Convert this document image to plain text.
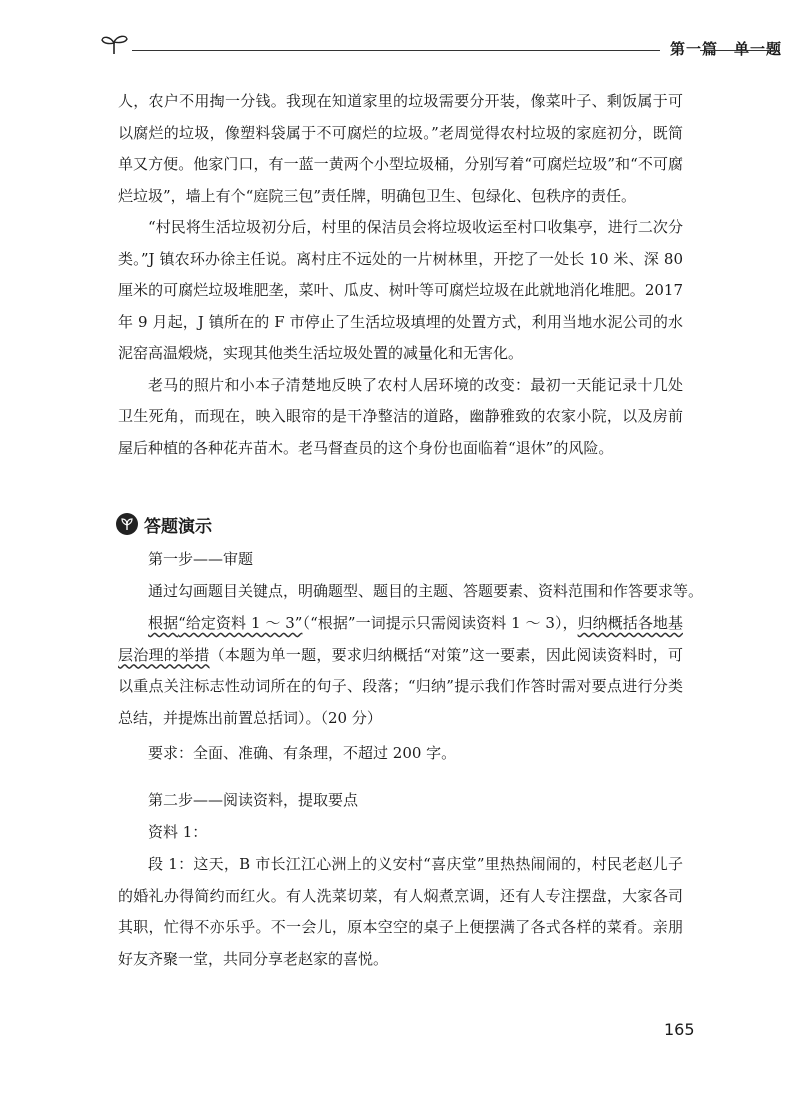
第一篇　单一题

人，农户不用掏一分钱。我现在知道家里的垃圾需要分开装，像菜叶子、剩饭属于可以腐烂的垃圾，像塑料袋属于不可腐烂的垃圾。”老周觉得农村垃圾的家庭初分，既简单又方便。他家门口，有一蓝一黄两个小型垃圾桶，分别写着“可腐烂垃圾”和“不可腐烂垃圾”，墙上有个“庭院三包”责任牌，明确包卫生、包绿化、包秩序的责任。

“村民将生活垃圾初分后，村里的保洁员会将垃圾收运至村口收集亭，进行二次分类。”J 镇农环办徐主任说。离村庄不远处的一片树林里，开挖了一处长 10 米、深 80 厘米的可腐烂垃圾堆肥垄，菜叶、瓜皮、树叶等可腐烂垃圾在此就地消化堆肥。2017 年 9 月起，J 镇所在的 F 市停止了生活垃圾填埋的处置方式，利用当地水泥公司的水泥窑高温煅烧，实现其他类生活垃圾处置的减量化和无害化。

老马的照片和小本子清楚地反映了农村人居环境的改变：最初一天能记录十几处卫生死角，而现在，映入眼帘的是干净整洁的道路，幽静雅致的农家小院，以及房前屋后种植的各种花卉苗木。老马督查员的这个身份也面临着“退休”的风险。

答题演示
第一步——审题
通过勾画题目关键点，明确题型、题目的主题、答题要素、资料范围和作答要求等。

根据“给定资料 1 ～ 3”（“根据”一词提示只需阅读资料 1 ～ 3），归纳概括各地基层治理的举措（本题为单一题，要求归纳概括“对策”这一要素，因此阅读资料时，可以重点关注标志性动词所在的句子、段落；“归纳”提示我们作答时需对要点进行分类总结，并提炼出前置总括词）。（20 分）

要求：全面、准确、有条理，不超过 200 字。
第二步——阅读资料，提取要点
资料 1：

段 1：这天，B 市长江江心洲上的义安村“喜庆堂”里热热闹闹的，村民老赵儿子的婚礼办得简约而红火。有人洗菜切菜，有人焖煮烹调，还有人专注摆盘，大家各司其职，忙得不亦乐乎。不一会儿，原本空空的桌子上便摆满了各式各样的菜肴。亲朋好友齐聚一堂，共同分享老赵家的喜悦。

165
